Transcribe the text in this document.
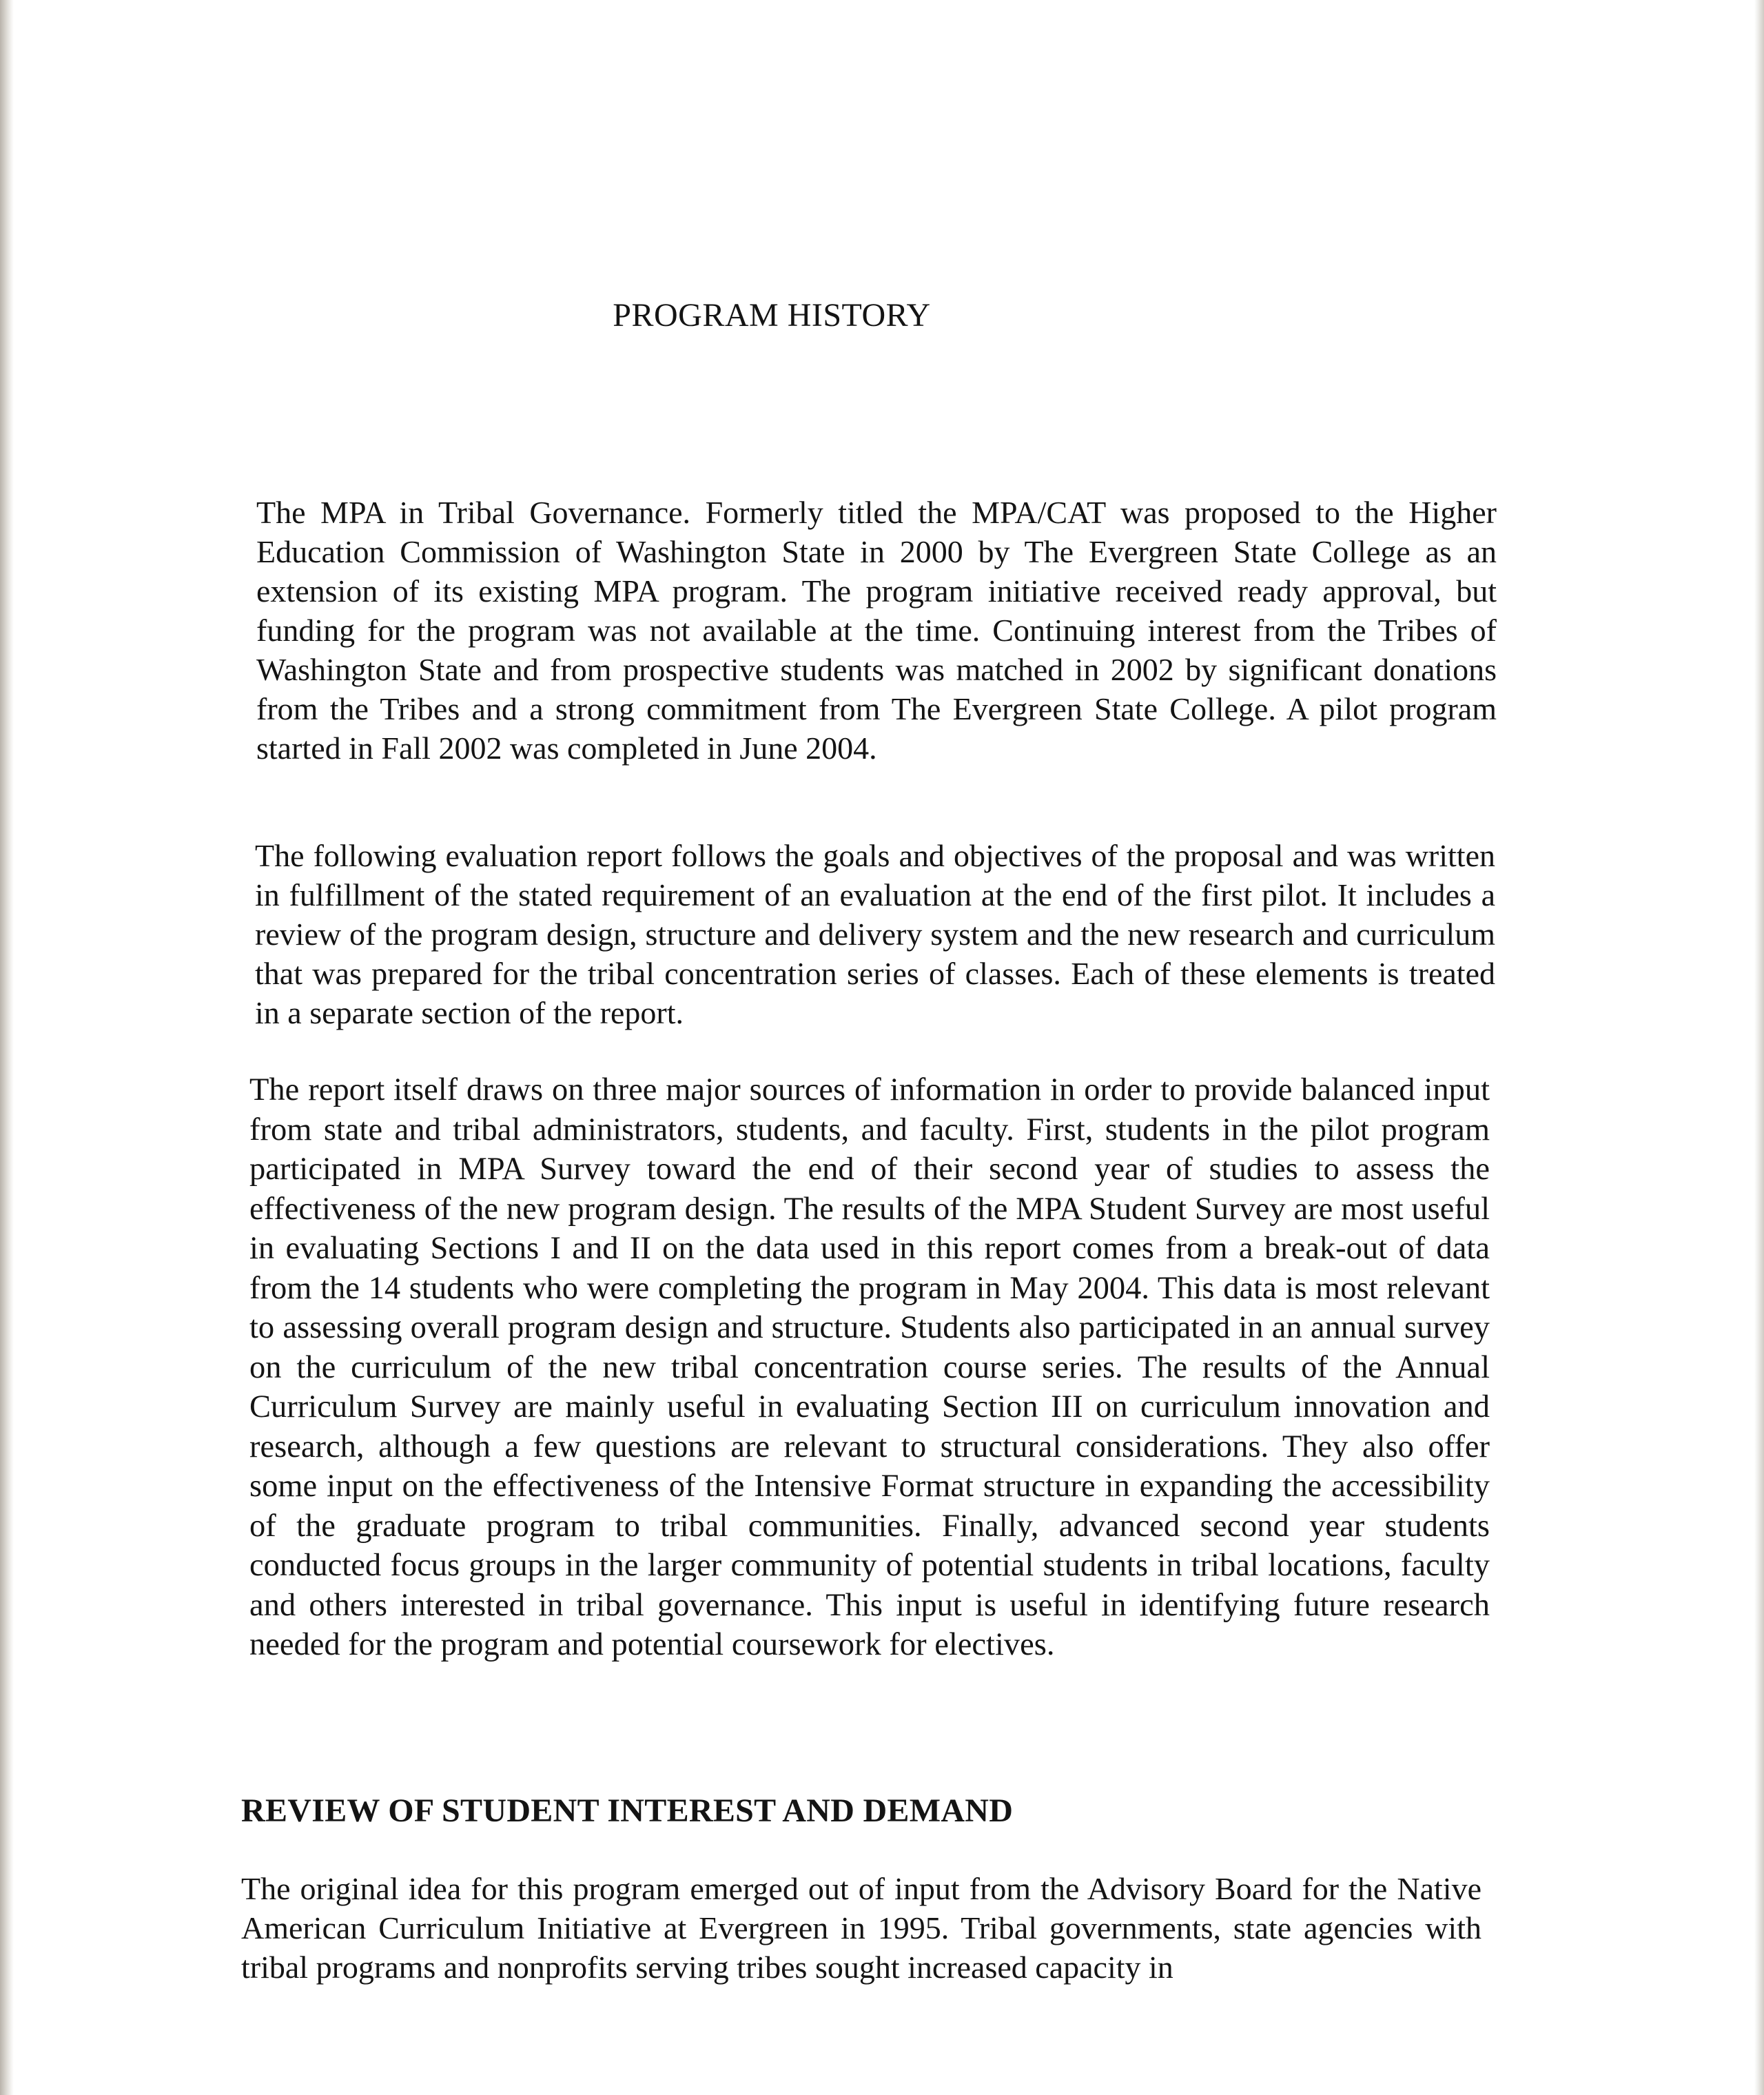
PROGRAM HISTORY

The MPA in Tribal Governance. Formerly titled the MPA/CAT was proposed to the Higher Education Commission of Washington State in 2000 by The Evergreen State College as an extension of its existing MPA program. The program initiative received ready approval, but funding for the program was not available at the time. Continuing interest from the Tribes of Washington State and from prospective students was matched in 2002 by significant donations from the Tribes and a strong commitment from The Evergreen State College. A pilot program started in Fall 2002 was completed in June 2004.

The following evaluation report follows the goals and objectives of the proposal and was written in fulfillment of the stated requirement of an evaluation at the end of the first pilot. It includes a review of the program design, structure and delivery system and the new research and curriculum that was prepared for the tribal concentration series of classes. Each of these elements is treated in a separate section of the report.

The report itself draws on three major sources of information in order to provide balanced input from state and tribal administrators, students, and faculty. First, students in the pilot program participated in MPA Survey toward the end of their second year of studies to assess the effectiveness of the new program design. The results of the MPA Student Survey are most useful in evaluating Sections I and II on the data used in this report comes from a break-out of data from the 14 students who were completing the program in May 2004. This data is most relevant to assessing overall program design and structure. Students also participated in an annual survey on the curriculum of the new tribal concentration course series. The results of the Annual Curriculum Survey are mainly useful in evaluating Section III on curriculum innovation and research, although a few questions are relevant to structural considerations. They also offer some input on the effectiveness of the Intensive Format structure in expanding the accessibility of the graduate program to tribal communities. Finally, advanced second year students conducted focus groups in the larger community of potential students in tribal locations, faculty and others interested in tribal governance. This input is useful in identifying future research needed for the program and potential coursework for electives.

REVIEW OF STUDENT INTEREST AND DEMAND

The original idea for this program emerged out of input from the Advisory Board for the Native American Curriculum Initiative at Evergreen in 1995. Tribal governments, state agencies with tribal programs and nonprofits serving tribes sought increased capacity in
